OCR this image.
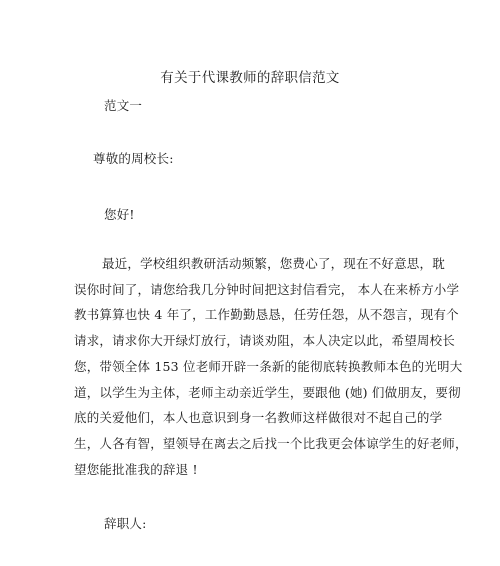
有关于代课教师的辞职信范文
范文一
尊敬的周校长:
您好!
最近，学校组织教研活动频繁，您费心了，现在不好意思，耽
误你时间了，请您给我几分钟时间把这封信看完， 本人在来桥方小学
教书算算也快 4 年了，工作勤勤恳恳，任劳任怨，从不怨言，现有个
请求，请求你大开绿灯放行，请谈劝阻，本人决定以此，希望周校长
您，带领全体 153 位老师开辟一条新的能彻底转换教师本色的光明大
道，以学生为主体，老师主动亲近学生，要跟他 (她) 们做朋友，要彻
底的关爱他们，本人也意识到身一名教师这样做很对不起自己的学
生，人各有智，望领导在离去之后找一个比我更会体谅学生的好老师，
望您能批准我的辞退 !
辞职人:
